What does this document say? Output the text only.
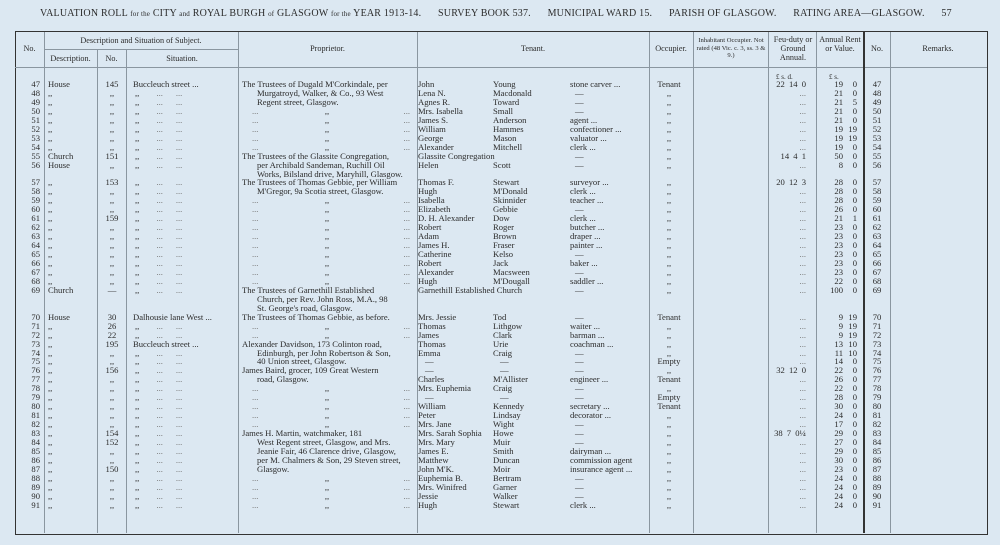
VALUATION ROLL for the CITY and ROYAL BURGH of GLASGOW for the YEAR 1913-14. SURVEY BOOK 537. MUNICIPAL WARD 15. PARISH OF GLASGOW. RATING AREA—GLASGOW. 57
No.
Description and Situation of Subject.
Description.	No.	Situation.
Proprietor.	Tenant.	Occupier.
Inhabitant Occupier. Not rated (48 Vic. c. 3, ss. 3 & 9.)
Feu-duty or Ground Annual.
Annual Rent or Value.	No.	Remarks.
£ s. d.	£ s.
47 House	145	Buccleuch street ...	The Trustees of Dugald M'Corkindale, per	John	Young	stone carver ...	Tenant	22 14 0	19	0	47
48 ,,	,,	,, ...	Murgatroyd, Walker, & Co., 93 West	Lena N.	Macdonald	—	,,	...	21	0	48
49 ,,	,,	,, ...	Regent street, Glasgow.	Agnes R.	Toward	—	,,	...	21	5	49
50 ,,	,,	,, ...	... ,, ...	Mrs. Isabella	Small	—	,,	...	21	0	50
51 ,,	,,	,, ...	... ,, ...	James S.	Anderson	agent ...	,,	...	21	0	51
52 ,,	,,	,, ...	... ,, ...	William	Hammes	confectioner ...	,,	...	19 19	52
53 ,,	,,	,, ...	... ,, ...	George	Mason	valuator ...	,,	...	19 19	53
54 ,,	,,	,, ...	... ,, ...	Alexander	Mitchell	clerk ...	,,	...	19	0	54
55 Church	151	,, ...	The Trustees of the Glassite Congregation,	Glassite Congregation	—	,,	14 4 1	50	0	55
56 House	,,	,, ...	per Archibald Sandeman, Ruchill Oil	Helen	Scott	—	,,	...	8	0	56
Works, Bilsland drive, Maryhill, Glasgow.
57 ,,	153	,, ...	The Trustees of Thomas Gebbie, per William	Thomas F.	Stewart	surveyor ...	,,	20 12 3	28	0	57
58 ,,	,,	,, ...	M'Gregor, 9a Scotia street, Glasgow.	Hugh	M'Donald	clerk ...	,,	...	28	0	58
59 ,,	,,	,, ...	... ,, ...	Isabella	Skinnider	teacher ...	,,	...	28	0	59
60 ,,	,,	,, ...	... ,, ...	Elizabeth	Gebbie	—	,,	...	26	0	60
61 ,,	159	,, ...	... ,, ...	D. H. Alexander Dow	clerk ...	,,	...	21	1	61
62 ,,	,,	,, ...	... ,, ...	Robert	Roger	butcher ...	,,	...	23	0	62
63 ,,	,,	,, ...	... ,, ...	Adam	Brown	draper ...	,,	...	23	0	63
64 ,,	,,	,, ...	... ,, ...	James H.	Fraser	painter ...	,,	...	23	0	64
65 ,,	,,	,, ...	... ,, ...	Catherine	Kelso	—	,,	...	23	0	65
66 ,,	,,	,, ...	... ,, ...	Robert	Jack	baker ...	,,	...	23	0	66
67 ,,	,,	,, ...	... ,, ...	Alexander	Macsween	—	,,	...	23	0	67
68 ,,	,,	,, ...	... ,, ...	Hugh	M'Dougall	saddler ...	,,	...	22	0	68
69 Church	—	,, ...	The Trustees of Garnethill Established	Garnethill Established Church	—	,,	...	100	0	69
Church, per Rev. John Ross, M.A., 98
St. George's road, Glasgow.
70 House	30	Dalhousie lane West ...	The Trustees of Thomas Gebbie, as before.	Mrs. Jessie	Tod	—	Tenant	...	9 19	70
71 ,,	26	,, ...	... ,, ...	Thomas	Lithgow	waiter ...	,,	...	9 19	71
72 ,,	22	,, ...	... ,, ...	James	Clark	barman ...	,,	...	9 19	72
73 ,,	195	Buccleuch street ...	Alexander Davidson, 173 Colinton road,	Thomas	Urie	coachman ...	,,	...	13 10	73
74 ,,	,,	,, ...	Edinburgh, per John Robertson & Son,	Emma	Craig	—	,,	...	11 10	74
75 ,,	,,	,, ...	40 Union street, Glasgow.	—	—	—	Empty	...	14	0	75
76 ,,	156	,, ...	James Baird, grocer, 109 Great Western	—	—	—	,,	32 12 0	22	0	76
77 ,,	,,	,, ...	road, Glasgow.	Charles	M'Allister	engineer ...	Tenant	...	26	0	77
78 ,,	,,	,, ...	... ,, ...	Mrs. Euphemia	Craig	—	,,	...	22	0	78
79 ,,	,,	,, ...	... ,, ...	—	—	—	Empty	...	28	0	79
80 ,,	,,	,, ...	... ,, ...	William	Kennedy	secretary ...	Tenant	...	30	0	80
81 ,,	,,	,, ...	... ,, ...	Peter	Lindsay	decorator ...	,,	...	24	0	81
82 ,,	,,	,, ...	... ,, ...	Mrs. Jane	Wight	—	,,	...	17	0	82
83 ,,	154	,, ...	James H. Martin, watchmaker, 181	Mrs. Sarah Sophia Howe	—	,,	38 7 0¼	29	0	83
84 ,,	152	,, ...	West Regent street, Glasgow, and Mrs.	Mrs. Mary	Muir	—	,,	...	27	0	84
85 ,,	,,	,, ...	Jeanie Fair, 46 Clarence drive, Glasgow,	James E.	Smith	dairyman ...	,,	...	29	0	85
86 ,,	,,	,, ...	per M. Chalmers & Son, 29 Steven street,	Matthew	Duncan	commission agent	,,	...	30	0	86
87 ,,	150	,, ...	Glasgow.	John M'K.	Moir	insurance agent ...	,,	...	23	0	87
88 ,,	,,	,, ...	... ,, ...	Euphemia B.	Bertram	—	,,	...	24	0	88
89 ,,	,,	,, ...	... ,, ...	Mrs. Winifred	Garner	—	,,	...	24	0	89
90 ,,	,,	,, ...	... ,, ...	Jessie	Walker	—	,,	...	24	0	90
91 ,,	,,	,, ...	... ,, ...	Hugh	Stewart	clerk ...	,,	...	24	0	91
